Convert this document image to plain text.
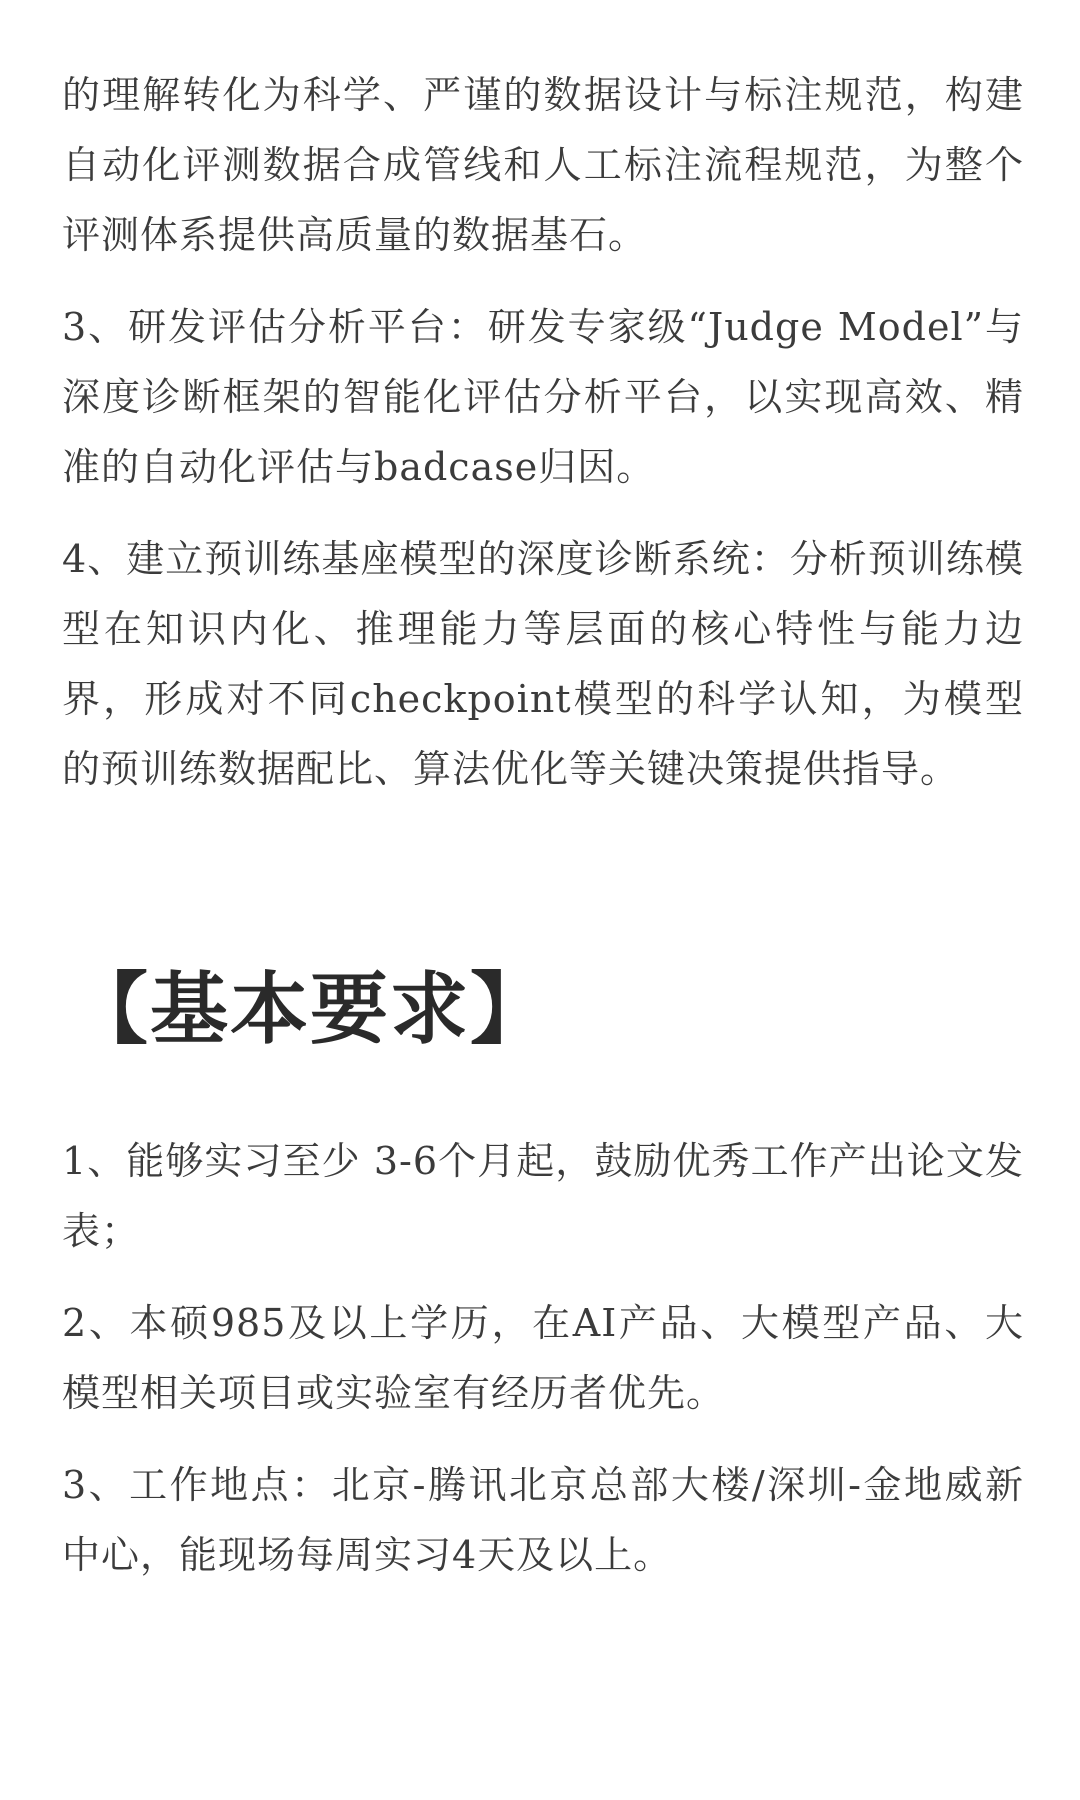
的理解转化为科学、严谨的数据设计与标注规范，构建自动化评测数据合成管线和人工标注流程规范，为整个评测体系提供高质量的数据基石。

3、研发评估分析平台：研发专家级“Judge Model”与深度诊断框架的智能化评估分析平台，以实现高效、精准的自动化评估与badcase归因。

4、建立预训练基座模型的深度诊断系统：分析预训练模型在知识内化、推理能力等层面的核心特性与能力边界，形成对不同checkpoint模型的科学认知，为模型的预训练数据配比、算法优化等关键决策提供指导。

【基本要求】

1、能够实习至少 3-6个月起，鼓励优秀工作产出论文发表；

2、本硕985及以上学历，在AI产品、大模型产品、大模型相关项目或实验室有经历者优先。

3、工作地点：北京-腾讯北京总部大楼/深圳-金地威新中心，能现场每周实习4天及以上。
